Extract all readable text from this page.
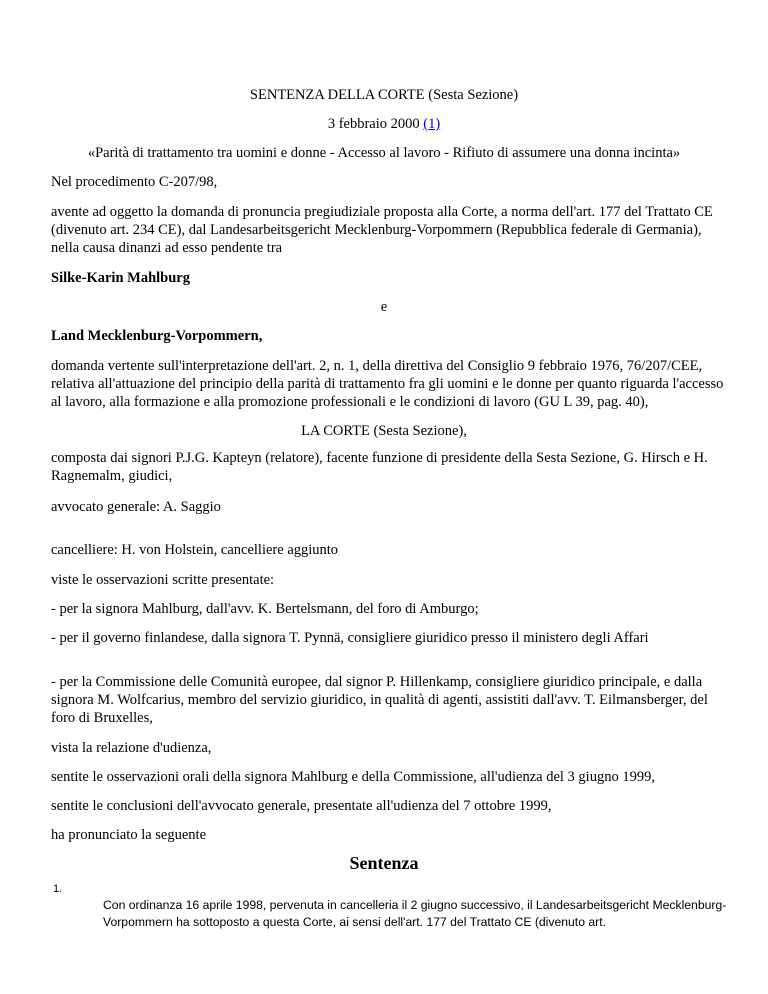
SENTENZA DELLA CORTE (Sesta Sezione)

3 febbraio 2000 (1)

«Parità di trattamento tra uomini e donne - Accesso al lavoro - Rifiuto di assumere una donna incinta»

Nel procedimento C-207/98,

avente ad oggetto la domanda di pronuncia pregiudiziale proposta alla Corte, a norma dell'art. 177 del Trattato CE (divenuto art. 234 CE), dal Landesarbeitsgericht Mecklenburg-Vorpommern (Repubblica federale di Germania), nella causa dinanzi ad esso pendente tra

Silke-Karin Mahlburg

e

Land Mecklenburg-Vorpommern,

domanda vertente sull'interpretazione dell'art. 2, n. 1, della direttiva del Consiglio 9 febbraio 1976, 76/207/CEE, relativa all'attuazione del principio della parità di trattamento fra gli uomini e le donne per quanto riguarda l'accesso al lavoro, alla formazione e alla promozione professionali e le condizioni di lavoro (GU L 39, pag. 40),

LA CORTE (Sesta Sezione),

composta dai signori P.J.G. Kapteyn (relatore), facente funzione di presidente della Sesta Sezione, G. Hirsch e H. Ragnemalm, giudici,

avvocato generale: A. Saggio

cancelliere: H. von Holstein, cancelliere aggiunto

viste le osservazioni scritte presentate:

- per la signora Mahlburg, dall'avv. K. Bertelsmann, del foro di Amburgo;

- per il governo finlandese, dalla signora T. Pynnä, consigliere giuridico presso il ministero degli Affari

- per la Commissione delle Comunità europee, dal signor P. Hillenkamp, consigliere giuridico principale, e dalla signora M. Wolfcarius, membro del servizio giuridico, in qualità di agenti, assistiti dall'avv. T. Eilmansberger, del foro di Bruxelles,

vista la relazione d'udienza,

sentite le osservazioni orali della signora Mahlburg e della Commissione, all'udienza del 3 giugno 1999,

sentite le conclusioni dell'avvocato generale, presentate all'udienza del 7 ottobre 1999,

ha pronunciato la seguente

Sentenza

1.
Con ordinanza 16 aprile 1998, pervenuta in cancelleria il 2 giugno successivo, il Landesarbeitsgericht Mecklenburg-Vorpommern ha sottoposto a questa Corte, ai sensi dell'art. 177 del Trattato CE (divenuto art.
